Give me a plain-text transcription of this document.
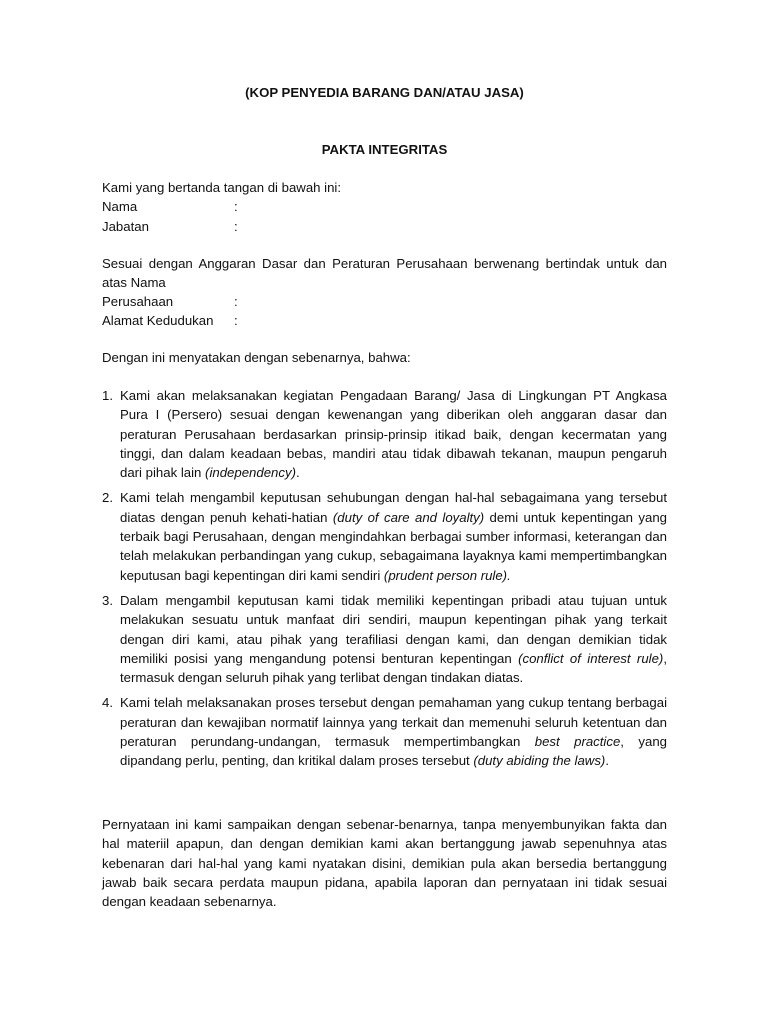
(KOP PENYEDIA BARANG DAN/ATAU JASA)
PAKTA INTEGRITAS
Kami yang bertanda tangan di bawah ini:
Nama	:
Jabatan	:
Sesuai dengan Anggaran Dasar dan Peraturan Perusahaan berwenang bertindak untuk dan atas Nama
Perusahaan	:
Alamat Kedudukan	:
Dengan ini menyatakan dengan sebenarnya, bahwa:
1. Kami akan melaksanakan kegiatan Pengadaan Barang/ Jasa di Lingkungan PT Angkasa Pura I (Persero) sesuai dengan kewenangan yang diberikan oleh anggaran dasar dan peraturan Perusahaan berdasarkan prinsip-prinsip itikad baik, dengan kecermatan yang tinggi, dan dalam keadaan bebas, mandiri atau tidak dibawah tekanan, maupun pengaruh dari pihak lain (independency).
2. Kami telah mengambil keputusan sehubungan dengan hal-hal sebagaimana yang tersebut diatas dengan penuh kehati-hatian (duty of care and loyalty) demi untuk kepentingan yang terbaik bagi Perusahaan, dengan mengindahkan berbagai sumber informasi, keterangan dan telah melakukan perbandingan yang cukup, sebagaimana layaknya kami mempertimbangkan keputusan bagi kepentingan diri kami sendiri (prudent person rule).
3. Dalam mengambil keputusan kami tidak memiliki kepentingan pribadi atau tujuan untuk melakukan sesuatu untuk manfaat diri sendiri, maupun kepentingan pihak yang terkait dengan diri kami, atau pihak yang terafiliasi dengan kami, dan dengan demikian tidak memiliki posisi yang mengandung potensi benturan kepentingan (conflict of interest rule), termasuk dengan seluruh pihak yang terlibat dengan tindakan diatas.
4. Kami telah melaksanakan proses tersebut dengan pemahaman yang cukup tentang berbagai peraturan dan kewajiban normatif lainnya yang terkait dan memenuhi seluruh ketentuan dan peraturan perundang-undangan, termasuk mempertimbangkan best practice, yang dipandang perlu, penting, dan kritikal dalam proses tersebut (duty abiding the laws).
Pernyataan ini kami sampaikan dengan sebenar-benarnya, tanpa menyembunyikan fakta dan hal materiil apapun, dan dengan demikian kami akan bertanggung jawab sepenuhnya atas kebenaran dari hal-hal yang kami nyatakan disini, demikian pula akan bersedia bertanggung jawab baik secara perdata maupun pidana, apabila laporan dan pernyataan ini tidak sesuai dengan keadaan sebenarnya.
